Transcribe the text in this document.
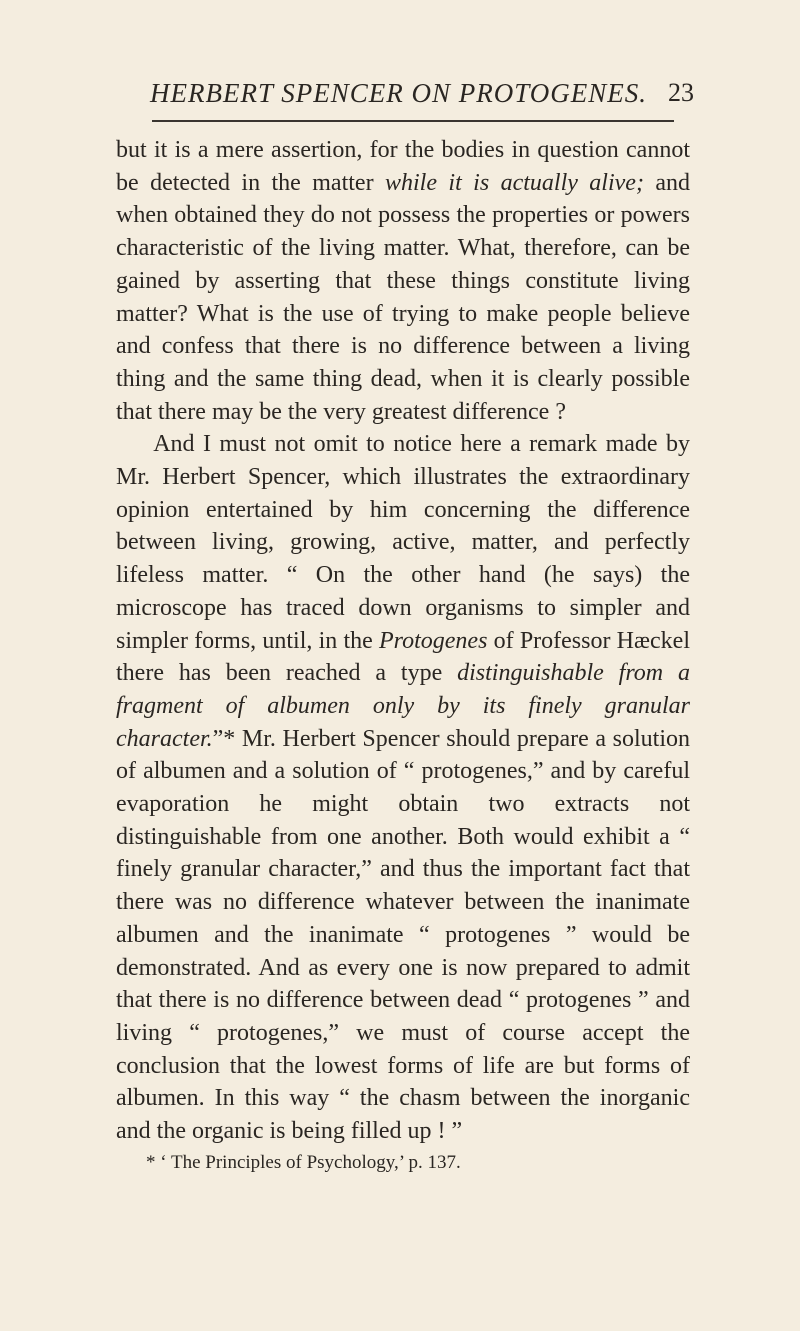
HERBERT SPENCER ON PROTOGENES. 23

but it is a mere assertion, for the bodies in question cannot be detected in the matter while it is actually alive; and when obtained they do not possess the properties or powers characteristic of the living matter. What, therefore, can be gained by asserting that these things constitute living matter? What is the use of trying to make people believe and confess that there is no difference between a living thing and the same thing dead, when it is clearly possible that there may be the very greatest difference ?

And I must not omit to notice here a remark made by Mr. Herbert Spencer, which illustrates the extraordinary opinion entertained by him concerning the difference between living, growing, active, matter, and perfectly lifeless matter. “ On the other hand (he says) the microscope has traced down organisms to simpler and simpler forms, until, in the Protogenes of Professor Hæckel there has been reached a type distinguishable from a fragment of albumen only by its finely granular character.”* Mr. Herbert Spencer should prepare a solution of albumen and a solution of “ protogenes,” and by careful evaporation he might obtain two extracts not distinguishable from one another. Both would exhibit a “ finely granular character,” and thus the important fact that there was no difference whatever between the inanimate albumen and the inanimate “ protogenes ” would be demonstrated. And as every one is now prepared to admit that there is no difference between dead “ protogenes ” and living “ protogenes,” we must of course accept the conclusion that the lowest forms of life are but forms of albumen. In this way “ the chasm between the inorganic and the organic is being filled up ! ”

* ‘ The Principles of Psychology,’ p. 137.
